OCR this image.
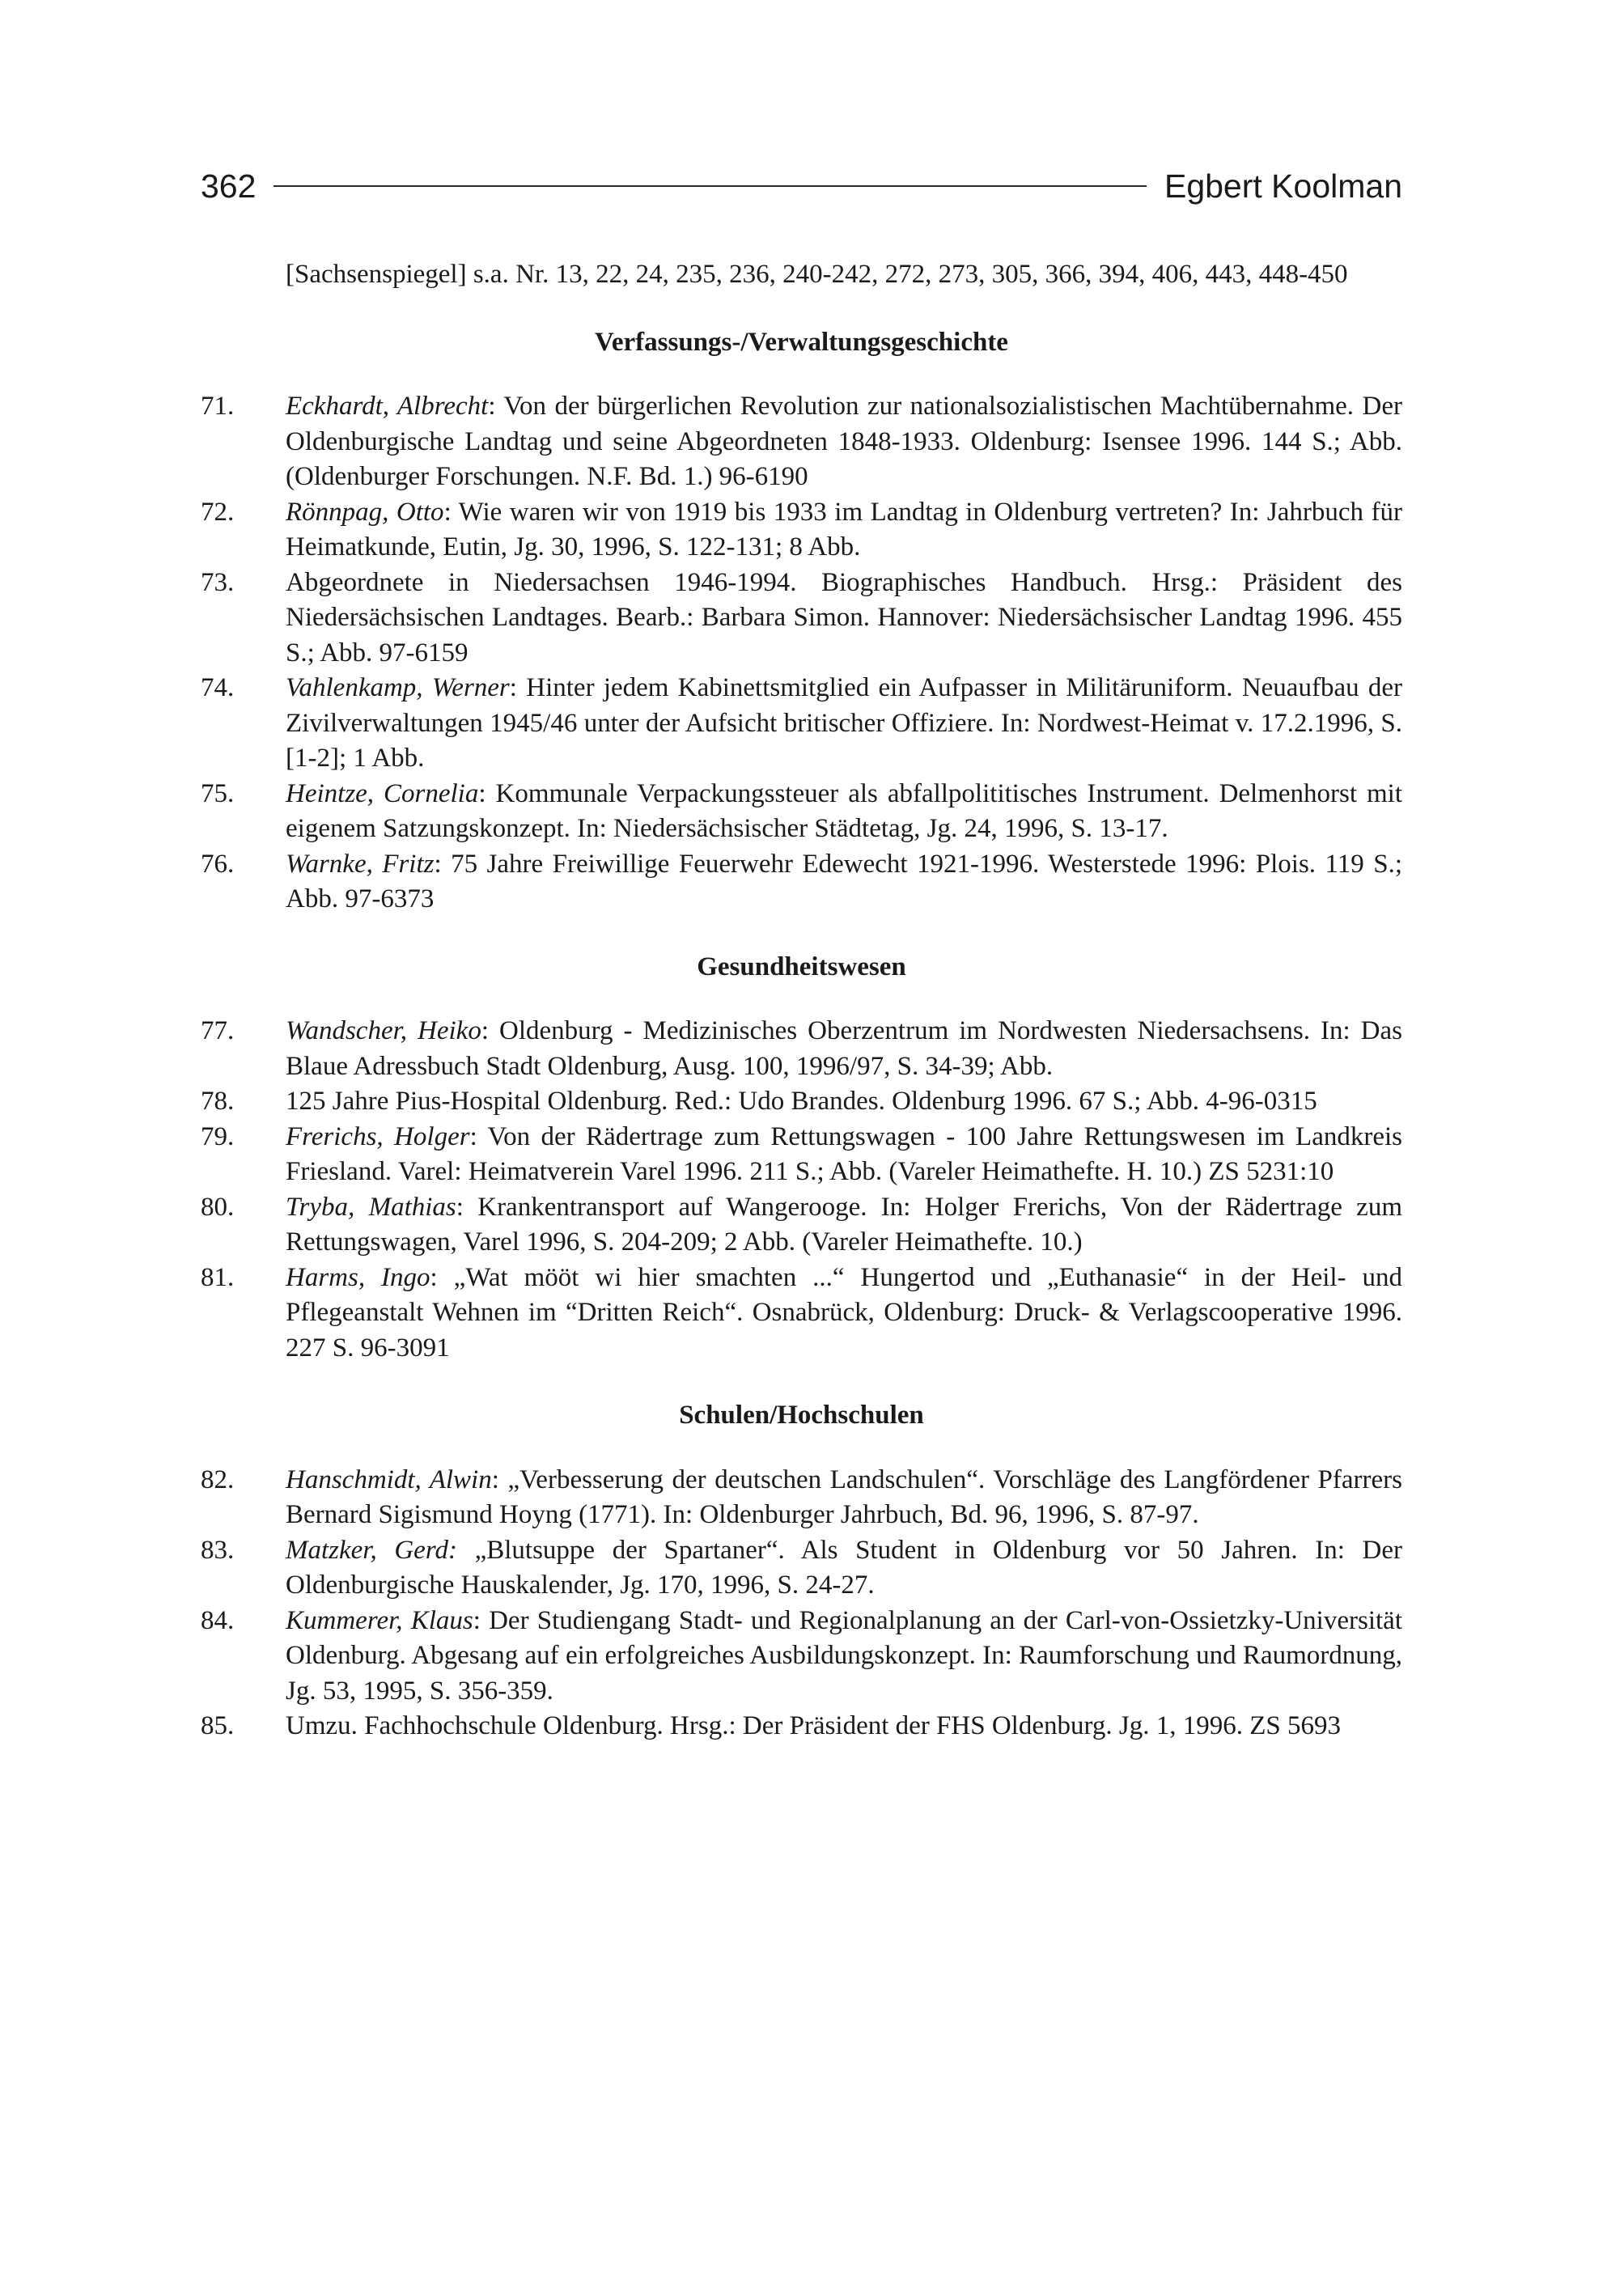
362	Egbert Koolman
[Sachsenspiegel] s.a. Nr. 13, 22, 24, 235, 236, 240-242, 272, 273, 305, 366, 394, 406, 443, 448-450
Verfassungs-/Verwaltungsgeschichte
71. Eckhardt, Albrecht: Von der bürgerlichen Revolution zur nationalsozialistischen Machtübernahme. Der Oldenburgische Landtag und seine Abgeordneten 1848-1933. Oldenburg: Isensee 1996. 144 S.; Abb. (Oldenburger Forschungen. N.F. Bd. 1.) 96-6190
72. Rönnpag, Otto: Wie waren wir von 1919 bis 1933 im Landtag in Oldenburg vertreten? In: Jahrbuch für Heimatkunde, Eutin, Jg. 30, 1996, S. 122-131; 8 Abb.
73. Abgeordnete in Niedersachsen 1946-1994. Biographisches Handbuch. Hrsg.: Präsident des Niedersächsischen Landtages. Bearb.: Barbara Simon. Hannover: Niedersächsischer Landtag 1996. 455 S.; Abb. 97-6159
74. Vahlenkamp, Werner: Hinter jedem Kabinettsmitglied ein Aufpasser in Militäruniform. Neuaufbau der Zivilverwaltungen 1945/46 unter der Aufsicht britischer Offiziere. In: Nordwest-Heimat v. 17.2.1996, S. [1-2]; 1 Abb.
75. Heintze, Cornelia: Kommunale Verpackungssteuer als abfallpolititisches Instrument. Delmenhorst mit eigenem Satzungskonzept. In: Niedersächsischer Städtetag, Jg. 24, 1996, S. 13-17.
76. Warnke, Fritz: 75 Jahre Freiwillige Feuerwehr Edewecht 1921-1996. Westerstede 1996: Plois. 119 S.; Abb. 97-6373
Gesundheitswesen
77. Wandscher, Heiko: Oldenburg - Medizinisches Oberzentrum im Nordwesten Niedersachsens. In: Das Blaue Adressbuch Stadt Oldenburg, Ausg. 100, 1996/97, S. 34-39; Abb.
78. 125 Jahre Pius-Hospital Oldenburg. Red.: Udo Brandes. Oldenburg 1996. 67 S.; Abb. 4-96-0315
79. Frerichs, Holger: Von der Rädertrage zum Rettungswagen - 100 Jahre Rettungswesen im Landkreis Friesland. Varel: Heimatverein Varel 1996. 211 S.; Abb. (Vareler Heimathefte. H. 10.) ZS 5231:10
80. Tryba, Mathias: Krankentransport auf Wangerooge. In: Holger Frerichs, Von der Rädertrage zum Rettungswagen, Varel 1996, S. 204-209; 2 Abb. (Vareler Heimathefte. 10.)
81. Harms, Ingo: „Wat mööt wi hier smachten ...“ Hungertod und „Euthanasie“ in der Heil- und Pflegeanstalt Wehnen im “Dritten Reich“. Osnabrück, Oldenburg: Druck- & Verlagscooperative 1996. 227 S. 96-3091
Schulen/Hochschulen
82. Hanschmidt, Alwin: „Verbesserung der deutschen Landschulen“. Vorschläge des Langfördener Pfarrers Bernard Sigismund Hoyng (1771). In: Oldenburger Jahrbuch, Bd. 96, 1996, S. 87-97.
83. Matzker, Gerd: „Blutsuppe der Spartaner“. Als Student in Oldenburg vor 50 Jahren. In: Der Oldenburgische Hauskalender, Jg. 170, 1996, S. 24-27.
84. Kummerer, Klaus: Der Studiengang Stadt- und Regionalplanung an der Carl-von-Ossietzky-Universität Oldenburg. Abgesang auf ein erfolgreiches Ausbildungskonzept. In: Raumforschung und Raumordnung, Jg. 53, 1995, S. 356-359.
85. Umzu. Fachhochschule Oldenburg. Hrsg.: Der Präsident der FHS Oldenburg. Jg. 1, 1996. ZS 5693
